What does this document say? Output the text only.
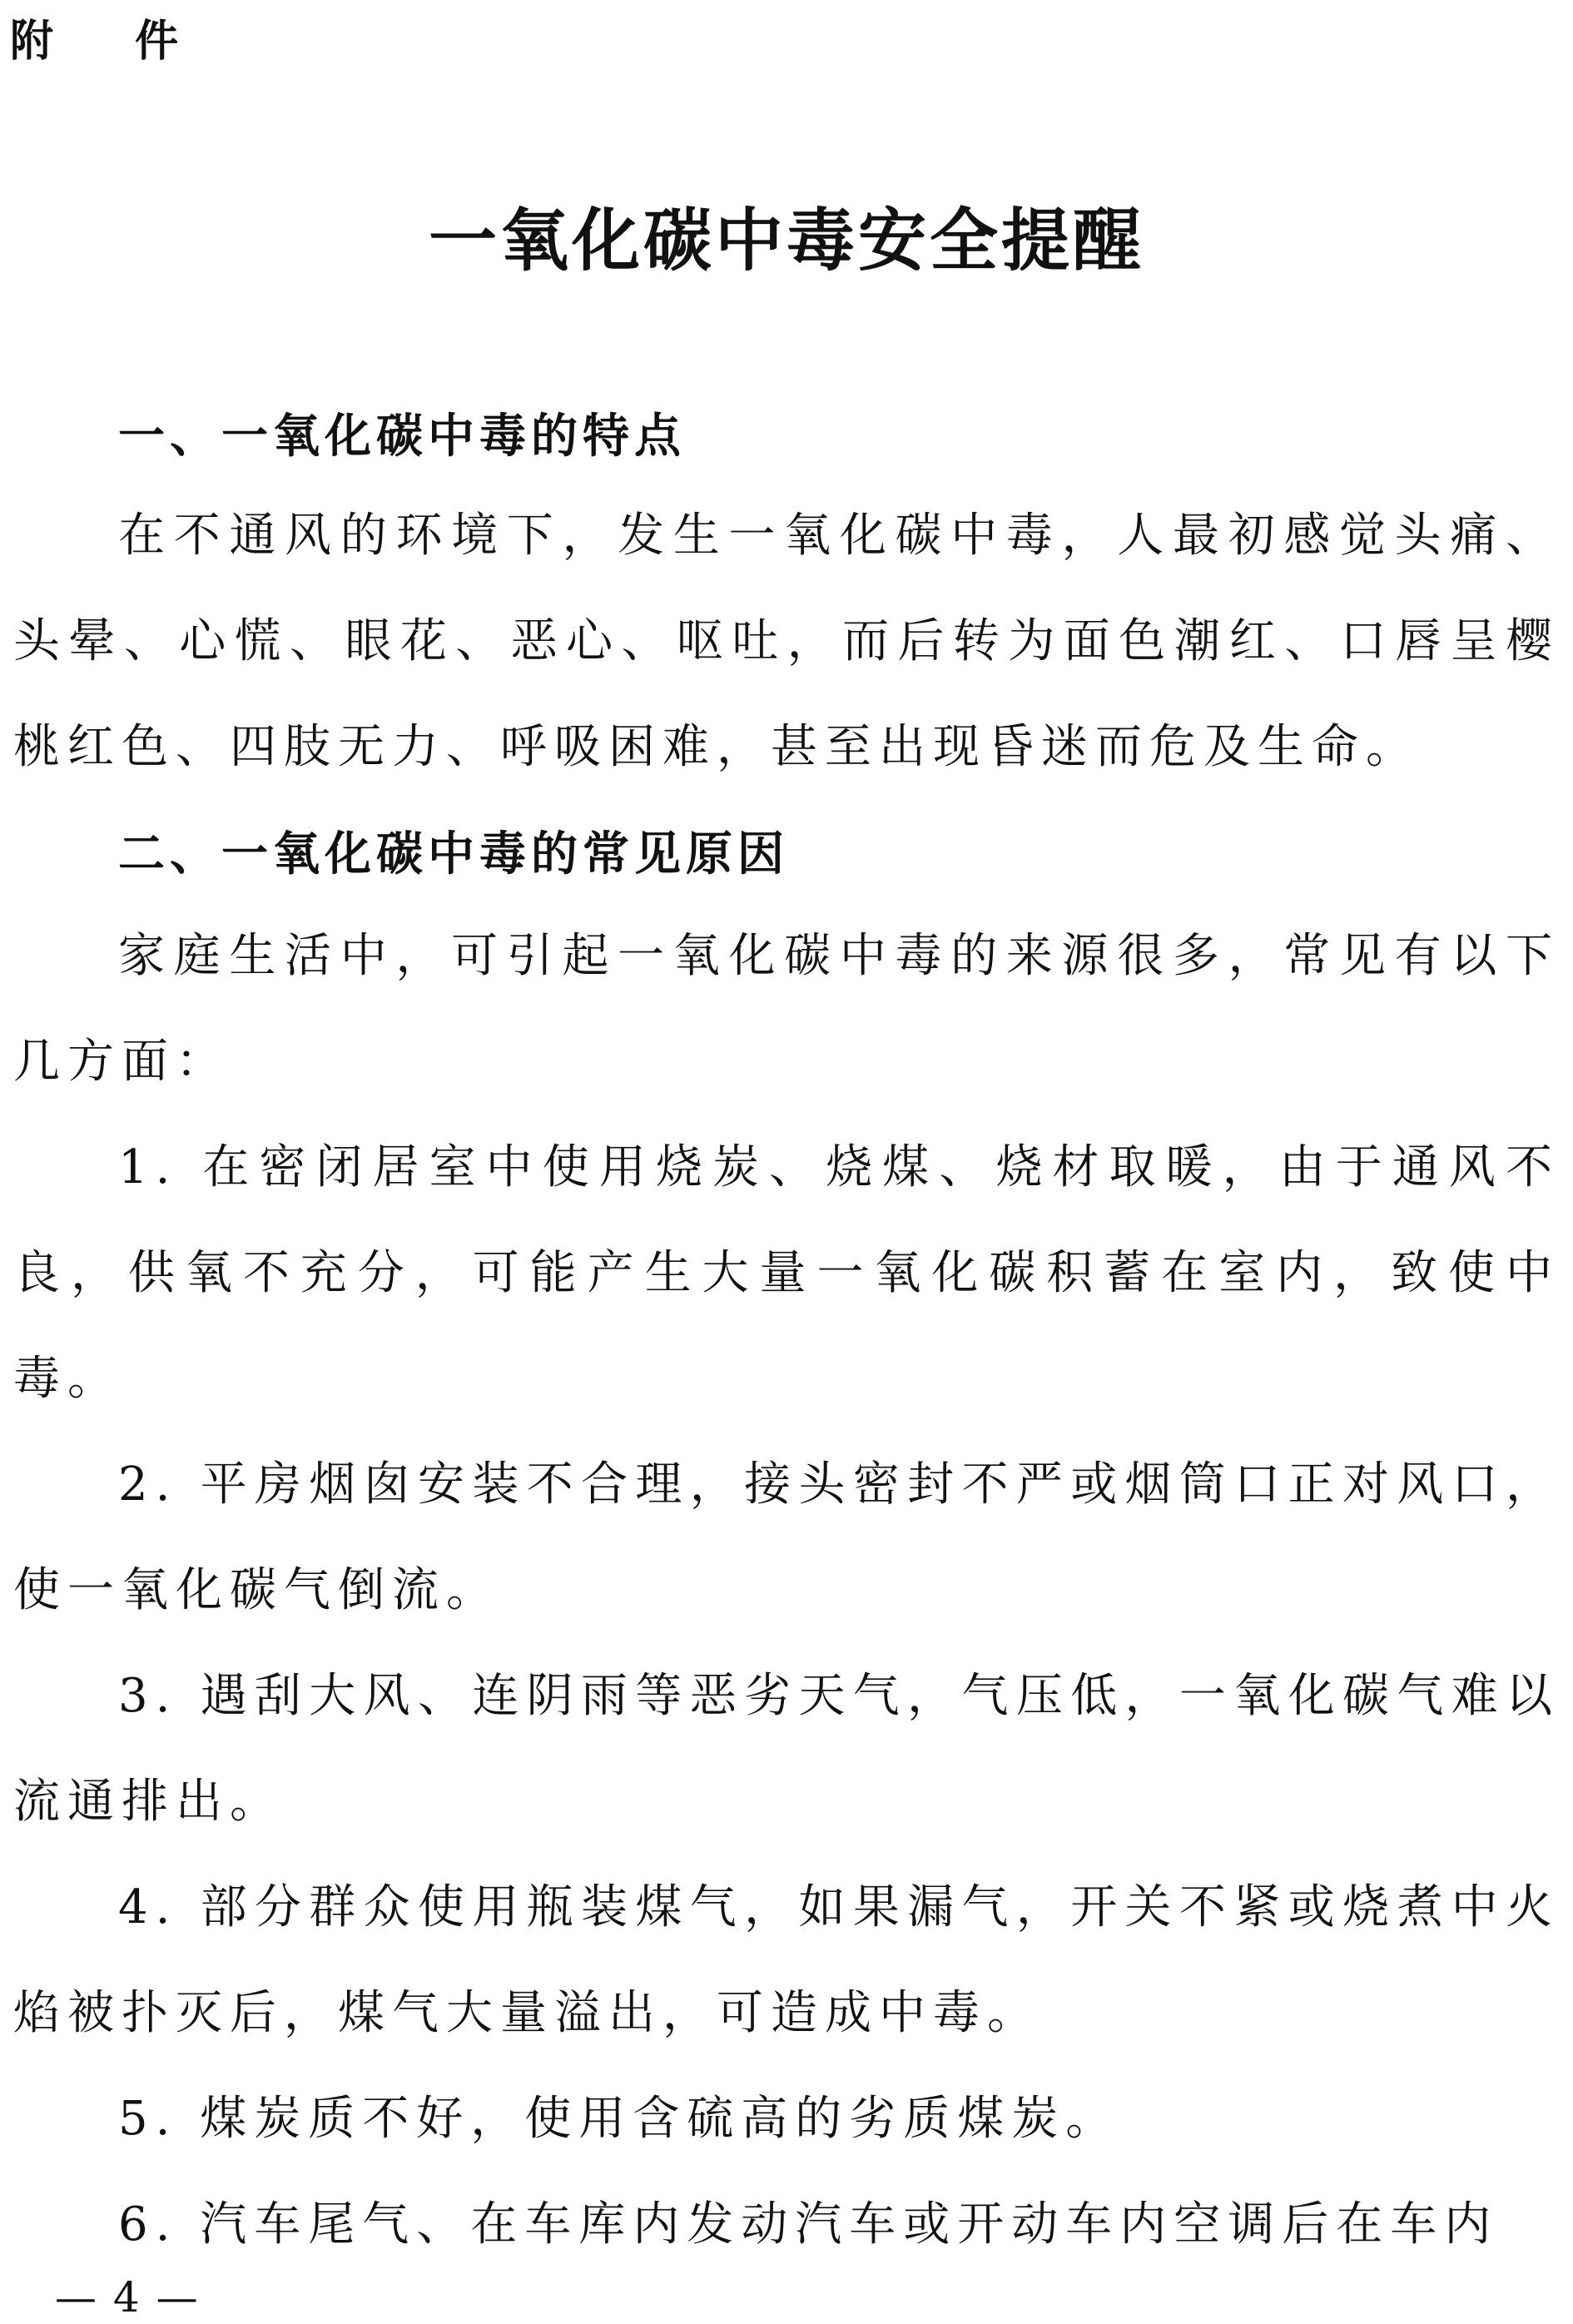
附 件
一氧化碳中毒安全提醒
一、一氧化碳中毒的特点

在不通风的环境下，发生一氧化碳中毒，人最初感觉头痛、头晕、心慌、眼花、恶心、呕吐，而后转为面色潮红、口唇呈樱桃红色、四肢无力、呼吸困难，甚至出现昏迷而危及生命。

二、一氧化碳中毒的常见原因

家庭生活中，可引起一氧化碳中毒的来源很多，常见有以下几方面：

1. 在密闭居室中使用烧炭、烧煤、烧材取暖，由于通风不良，供氧不充分，可能产生大量一氧化碳积蓄在室内，致使中毒。

2. 平房烟囱安装不合理，接头密封不严或烟筒口正对风口，使一氧化碳气倒流。

3. 遇刮大风、连阴雨等恶劣天气，气压低，一氧化碳气难以流通排出。

4. 部分群众使用瓶装煤气，如果漏气，开关不紧或烧煮中火焰被扑灭后，煤气大量溢出，可造成中毒。

5. 煤炭质不好，使用含硫高的劣质煤炭。

6. 汽车尾气、在车库内发动汽车或开动车内空调后在车内

— 4 —
